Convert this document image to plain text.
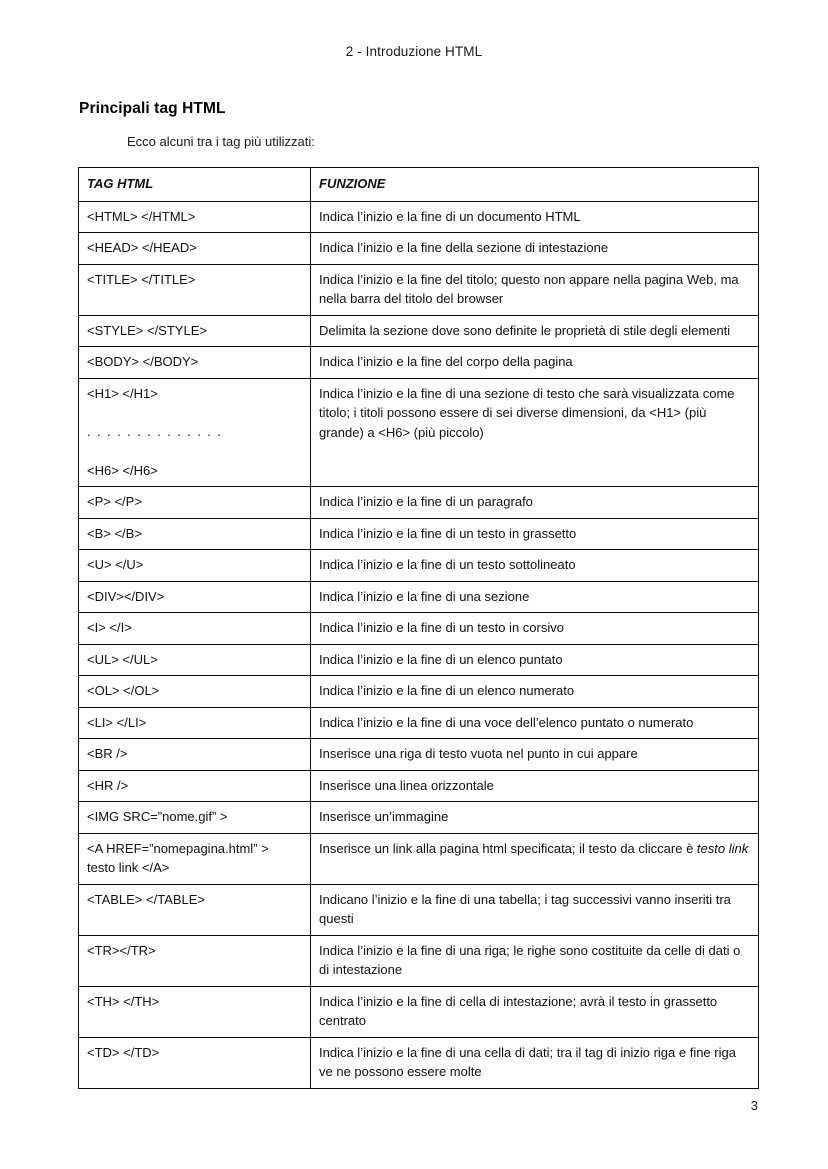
2 - Introduzione HTML
Principali tag HTML
Ecco alcuni tra i tag più utilizzati:
TAG HTML	FUNZIONE
<HTML> </HTML>	Indica l’inizio e la fine di un documento HTML
<HEAD> </HEAD>	Indica l’inizio e la fine della sezione di intestazione
<TITLE> </TITLE>	Indica l’inizio e la fine del titolo; questo non appare nella pagina Web, ma nella barra del titolo del browser
<STYLE> </STYLE>	Delimita la sezione dove sono definite le proprietà di stile degli elementi
<BODY> </BODY>	Indica l’inizio e la fine del corpo della pagina

<H1> </H1>
. . . . . . . . . . . . . .
<H6> </H6>	Indica l’inizio e la fine di una sezione di testo che sarà visualizzata come titolo; i titoli possono essere di sei diverse dimensioni, da <H1> (più grande) a <H6> (più piccolo)
<P> </P>	Indica l’inizio e la fine di un paragrafo
<B> </B>	Indica l’inizio e la fine di un testo in grassetto
<U> </U>	Indica l’inizio e la fine di un testo sottolineato
<DIV></DIV>	Indica l’inizio e la fine di una sezione
<I> </I>	Indica l’inizio e la fine di un testo in corsivo
<UL> </UL>	Indica l’inizio e la fine di un elenco puntato
<OL> </OL>	Indica l’inizio e la fine di un elenco numerato
<LI> </LI>	Indica l’inizio e la fine di una voce dell’elenco puntato o numerato
<BR />	Inserisce una riga di testo vuota nel punto in cui appare
<HR />	Inserisce una linea orizzontale
<IMG SRC=”nome.gif” >	Inserisce un’immagine

<A HREF=”nomepagina.html” >
testo link </A>	Inserisce un link alla pagina html specificata; il testo da cliccare è testo link
<TABLE> </TABLE>	Indicano l’inizio e la fine di una tabella; i tag successivi vanno inseriti tra questi
<TR></TR>	Indica l’inizio e la fine di una riga; le righe sono costituite da celle di dati o di intestazione
<TH> </TH>	Indica l’inizio e la fine di cella di intestazione; avrà il testo in grassetto centrato
<TD> </TD>	Indica l’inizio e la fine di una cella di dati; tra il tag di inizio riga e fine riga ve ne possono essere molte
3
